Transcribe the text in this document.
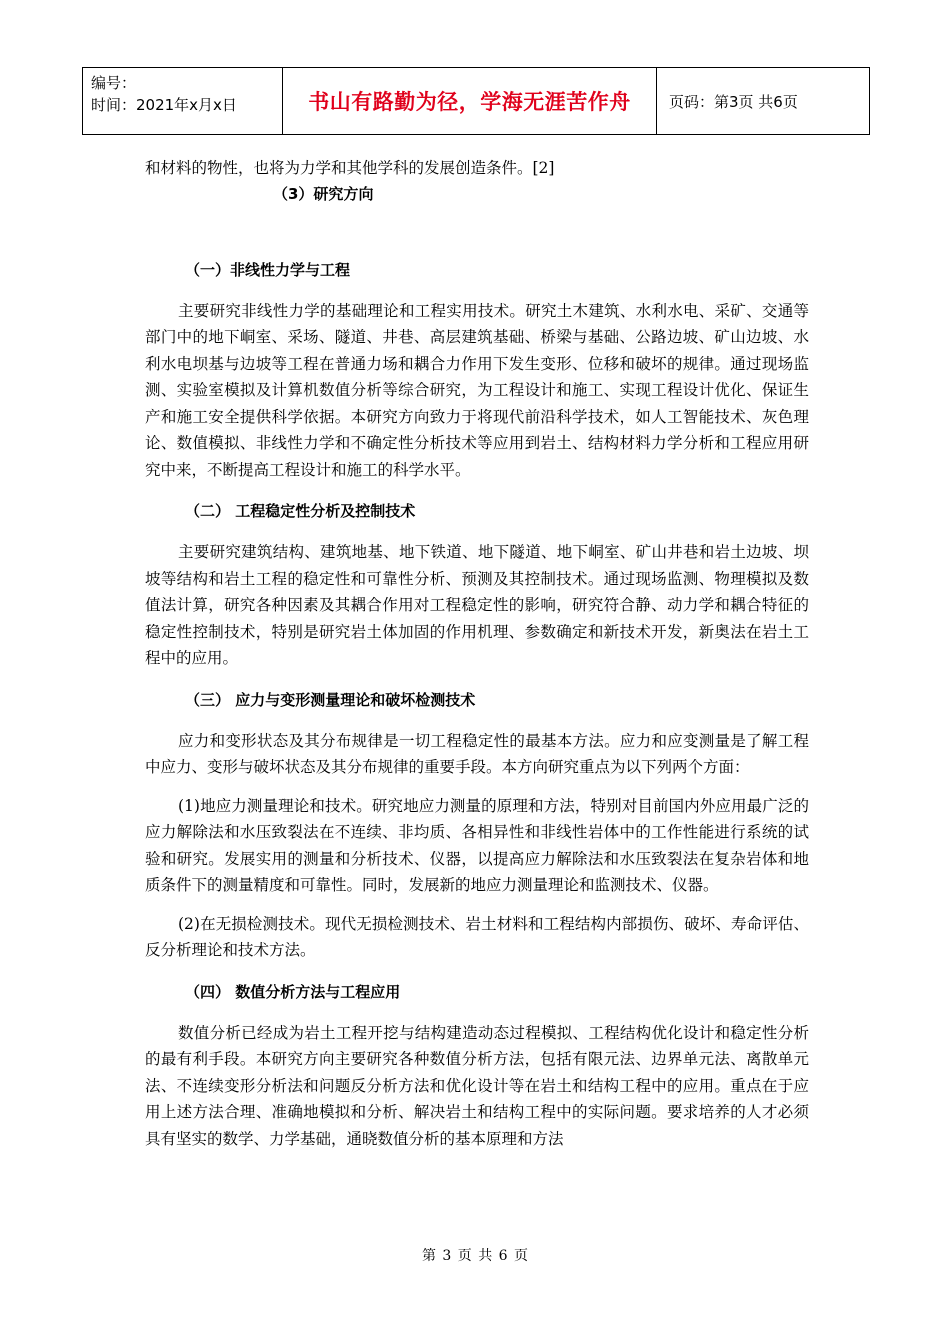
编号：
时间：2021年x月x日	书山有路勤为径，学海无涯苦作舟	页码：第3页 共6页

和材料的物性，也将为力学和其他学科的发展创造条件。[2]

（3）研究方向
（一）非线性力学与工程

主要研究非线性力学的基础理论和工程实用技术。研究土木建筑、水利水电、采矿、交通等部门中的地下峒室、采场、隧道、井巷、高层建筑基础、桥梁与基础、公路边坡、矿山边坡、水利水电坝基与边坡等工程在普通力场和耦合力作用下发生变形、位移和破坏的规律。通过现场监测、实验室模拟及计算机数值分析等综合研究，为工程设计和施工、实现工程设计优化、保证生产和施工安全提供科学依据。本研究方向致力于将现代前沿科学技术，如人工智能技术、灰色理论、数值模拟、非线性力学和不确定性分析技术等应用到岩土、结构材料力学分析和工程应用研究中来，不断提高工程设计和施工的科学水平。

（二） 工程稳定性分析及控制技术

主要研究建筑结构、建筑地基、地下铁道、地下隧道、地下峒室、矿山井巷和岩土边坡、坝坡等结构和岩土工程的稳定性和可靠性分析、预测及其控制技术。通过现场监测、物理模拟及数值法计算，研究各种因素及其耦合作用对工程稳定性的影响，研究符合静、动力学和耦合特征的稳定性控制技术，特别是研究岩土体加固的作用机理、参数确定和新技术开发，新奥法在岩土工程中的应用。

（三） 应力与变形测量理论和破坏检测技术

应力和变形状态及其分布规律是一切工程稳定性的最基本方法。应力和应变测量是了解工程中应力、变形与破坏状态及其分布规律的重要手段。本方向研究重点为以下列两个方面：

(1)地应力测量理论和技术。研究地应力测量的原理和方法，特别对目前国内外应用最广泛的应力解除法和水压致裂法在不连续、非均质、各相异性和非线性岩体中的工作性能进行系统的试验和研究。发展实用的测量和分析技术、仪器，以提高应力解除法和水压致裂法在复杂岩体和地质条件下的测量精度和可靠性。同时，发展新的地应力测量理论和监测技术、仪器。

(2)在无损检测技术。现代无损检测技术、岩土材料和工程结构内部损伤、破坏、寿命评估、反分析理论和技术方法。

（四） 数值分析方法与工程应用

数值分析已经成为岩土工程开挖与结构建造动态过程模拟、工程结构优化设计和稳定性分析的最有利手段。本研究方向主要研究各种数值分析方法，包括有限元法、边界单元法、离散单元法、不连续变形分析法和问题反分析方法和优化设计等在岩土和结构工程中的应用。重点在于应用上述方法合理、准确地模拟和分析、解决岩土和结构工程中的实际问题。要求培养的人才必须具有坚实的数学、力学基础，通晓数值分析的基本原理和方法

第 3 页 共 6 页
